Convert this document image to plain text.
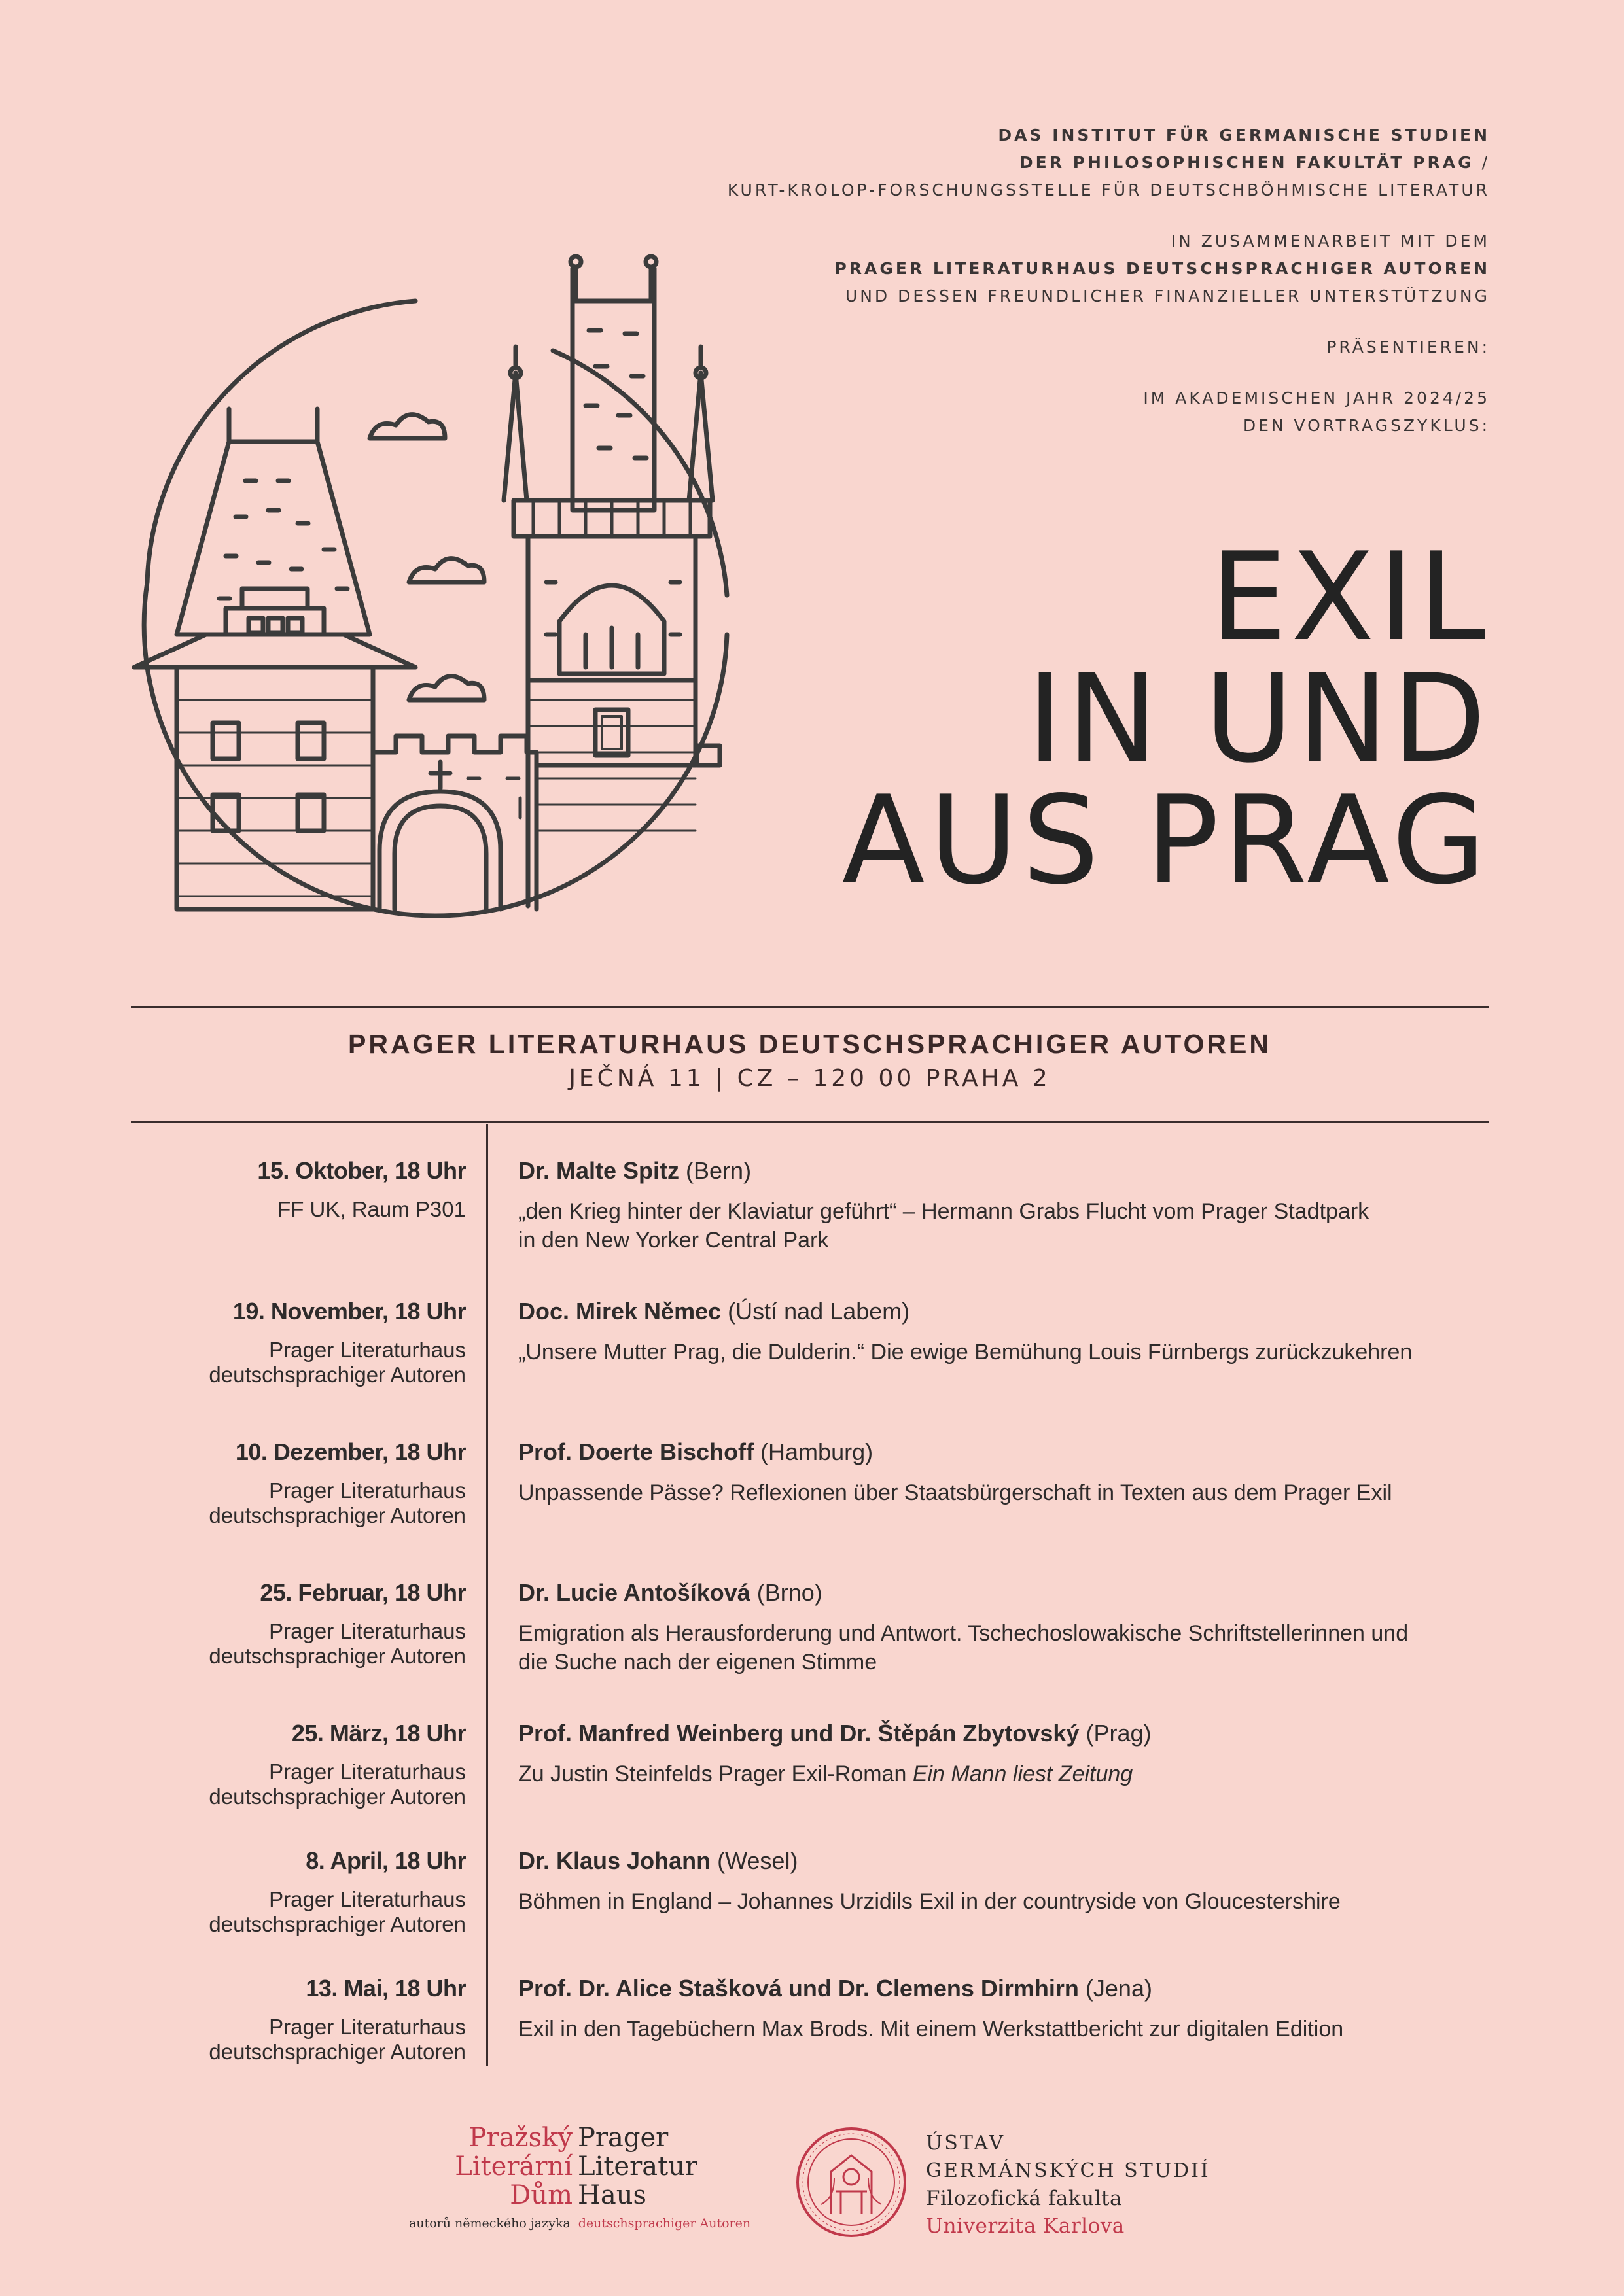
DAS INSTITUT FÜR GERMANISCHE STUDIEN
DER PHILOSOPHISCHEN FAKULTÄT PRAG /
KURT-KROLOP-FORSCHUNGSSTELLE FÜR DEUTSCHBÖHMISCHE LITERATUR
IN ZUSAMMENARBEIT MIT DEM
PRAGER LITERATURHAUS DEUTSCHSPRACHIGER AUTOREN
UND DESSEN FREUNDLICHER FINANZIELLER UNTERSTÜTZUNG
PRÄSENTIEREN:
IM AKADEMISCHEN JAHR 2024/25
DEN VORTRAGSZYKLUS:
EXIL
IN UND
AUS PRAG
PRAGER LITERATURHAUS DEUTSCHSPRACHIGER AUTOREN
JEČNÁ 11 | CZ – 120 00 PRAHA 2
15. Oktober, 18 Uhr
FF UK, Raum P301
Dr. Malte Spitz (Bern)
„den Krieg hinter der Klaviatur geführt“ – Hermann Grabs Flucht vom Prager Stadtpark
in den New Yorker Central Park
19. November, 18 Uhr
Prager Literaturhaus
deutschsprachiger Autoren
Doc. Mirek Němec (Ústí nad Labem)
„Unsere Mutter Prag, die Dulderin.“ Die ewige Bemühung Louis Fürnbergs zurückzukehren
10. Dezember, 18 Uhr
Prager Literaturhaus
deutschsprachiger Autoren
Prof. Doerte Bischoff (Hamburg)
Unpassende Pässe? Reflexionen über Staatsbürgerschaft in Texten aus dem Prager Exil
25. Februar, 18 Uhr
Prager Literaturhaus
deutschsprachiger Autoren
Dr. Lucie Antošíková (Brno)
Emigration als Herausforderung und Antwort. Tschechoslowakische Schriftstellerinnen und
die Suche nach der eigenen Stimme
25. März, 18 Uhr
Prager Literaturhaus
deutschsprachiger Autoren
Prof. Manfred Weinberg und Dr. Štěpán Zbytovský (Prag)
Zu Justin Steinfelds Prager Exil-Roman Ein Mann liest Zeitung
8. April, 18 Uhr
Prager Literaturhaus
deutschsprachiger Autoren
Dr. Klaus Johann (Wesel)
Böhmen in England – Johannes Urzidils Exil in der countryside von Gloucestershire
13. Mai, 18 Uhr
Prager Literaturhaus
deutschsprachiger Autoren
Prof. Dr. Alice Stašková und Dr. Clemens Dirmhirn (Jena)
Exil in den Tagebüchern Max Brods. Mit einem Werkstattbericht zur digitalen Edition
Pražský Prager
Literární Literatur
Dům Haus
autorů německého jazyka deutschsprachiger Autoren
ÚSTAV
GERMÁNSKÝCH STUDIÍ
Filozofická fakulta
Univerzita Karlova
